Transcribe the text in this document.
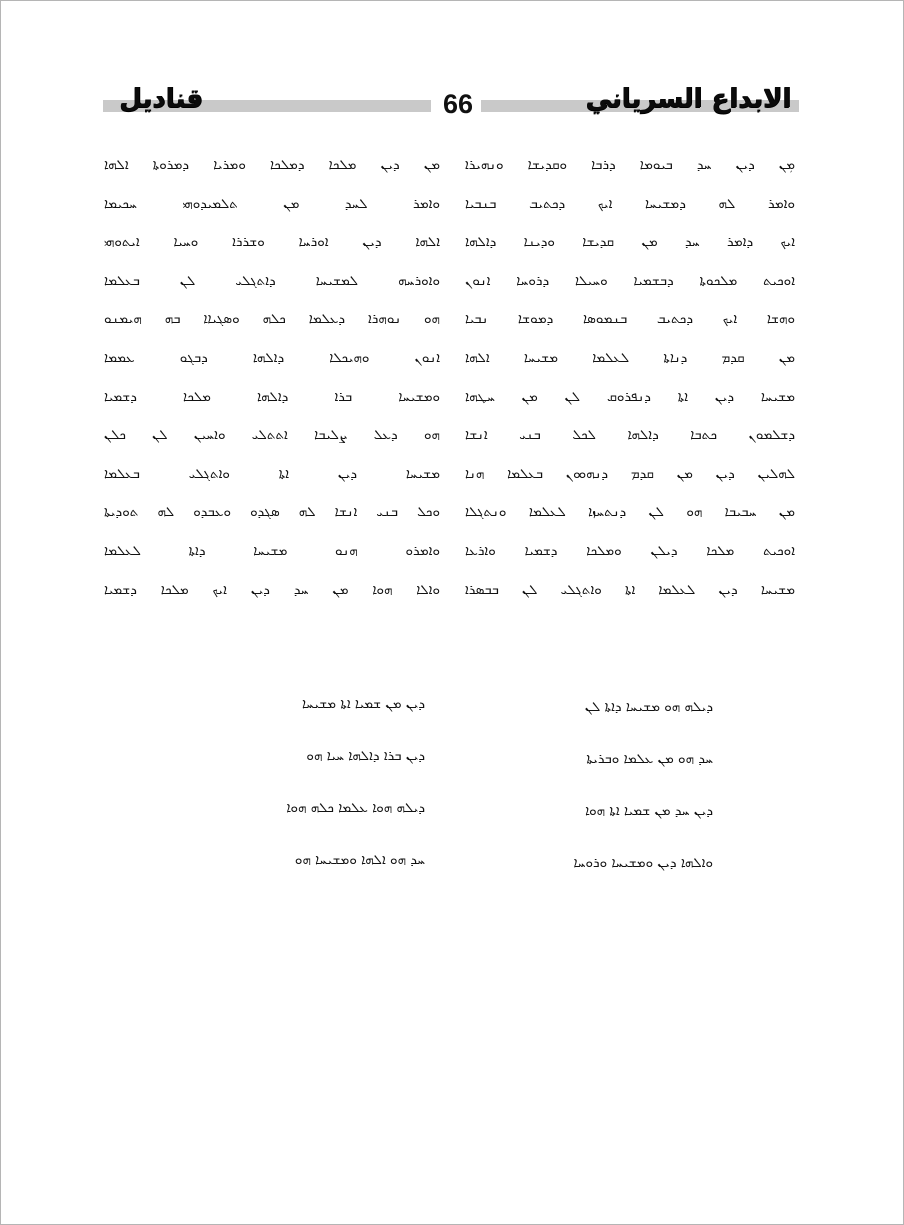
الابداع السرياني
قناديل	66
ܡܼܢ ܕܝܢ ܚܕ ܒܝܘܡܐ ܕܪܒܐ ܘܩܕܝܫܐ ܘܢܗܝܪܐ
ܘܐܡܪ ܠܗ ܕܡܫܝܚܐ ܐܝܟ ܕܟܬܝܒ ܒܢܒܝܐ
ܐܝܟ ܕܐܡܪ ܚܕ ܡܢ ܩܕܝܫܐ ܘܕܝܢܐ ܕܐܠܗܐ
ܐܘܟܝܬ ܡܠܟܘܬܐ ܕܒܫܡܝܐ ܘܚܝܠܐ ܕܪܘܚܐ ܐܢܘܢ
ܘܗܫܐ ܐܝܟ ܕܟܬܝܒ ܒܢܡܘܣܐ ܕܡܘܫܐ ܢܒܝܐ
ܡܢ ܩܕܡ ܕܢܐܬܐ ܠܥܠܡܐ ܡܫܝܚܐ ܐܠܗܐ
ܡܫܝܚܐ ܕܝܢ ܐܬܐ ܕܢܦܪܘܩ ܠܢ ܡܢ ܚܛܗܐ
ܕܫܠܡܘܢ ܟܬܒܐ ܕܐܠܗܐ ܠܟܠ ܒܢܝ ܐܢܫܐ
ܠܗܠܝܢ ܕܝܢ ܡܢ ܩܕܡ ܕܢܗܘܘܢ ܒܥܠܡܐ ܗܢܐ
ܡܢ ܚܒܝܒܐ ܗܘ ܠܢ ܕܢܬܚܙܐ ܠܥܠܡܐ ܘܢܬܓܠܐ
ܐܘܟܝܬ ܡܠܟܐ ܕܝܠܢ ܘܡܠܟܐ ܕܫܡܝܐ ܘܐܪܥܐ
ܡܫܝܚܐ ܕܝܢ ܠܥܠܡܐ ܐܬܐ ܘܐܬܓܠܝ ܠܢ ܒܒܣܪܐ
ܡܢ ܕܝܢ ܡܠܟܐ ܕܡܠܟܐ ܘܡܪܝܐ ܕܡܪܘܬܐ ܐܠܗܐ
ܘܐܡܪ ܠܚܕ ܡܢ ܬܠܡܝܕܘܗܝ ܚܟܝܡܐ
ܐܠܗܐ ܕܝܢ ܐܘܪܚܐ ܘܫܪܪܐ ܘܚܝܐ ܐܝܬܘܗܝ
ܘܐܘܪܚܗ ܠܡܫܝܚܐ ܕܐܬܓܠܝ ܠܢ ܒܥܠܡܐ
ܗܘ ܢܘܗܪܐ ܕܥܠܡܐ ܟܠܗ ܘܣܓܝܐܐ ܒܗ ܗܝܡܢܘ
ܐܢܘܢ ܘܗܝܟܠܐ ܕܐܠܗܐ ܕܒܓܘ ܥܡܡܐ
ܘܡܫܝܚܐ ܒܪܐ ܕܐܠܗܐ ܡܠܟܐ ܕܫܡܝܐ
ܗܘ ܕܥܠ ܨܠܝܒܐ ܐܬܬܠܝ ܘܐܚܝܢ ܠܢ ܟܠܢ
ܡܫܝܚܐ ܕܝܢ ܐܬܐ ܘܐܬܓܠܝ ܒܥܠܡܐ
ܘܟܠ ܒܢܝ ܐܢܫܐ ܠܗ ܣܓܕܘ ܘܥܒܕܘ ܠܗ ܬܘܕܝܬܐ
ܘܐܡܪܘ ܗܢܘ ܡܫܝܚܐ ܕܐܬܐ ܠܥܠܡܐ
ܘܐܠܐ ܗܘܐ ܡܢ ܚܕ ܕܝܢ ܐܝܟ ܡܠܟܐ ܕܫܡܝܐ
ܕܝܠܗ ܗܘ ܡܫܝܚܐ ܕܐܬܐ ܠܢ
ܚܕ ܗܘ ܡܢ ܥܠܡܐ ܘܒܪܝܬܐ
ܕܝܢ ܚܕ ܡܢ ܫܡܝܐ ܐܬܐ ܗܘܐ
ܘܐܠܗܐ ܕܝܢ ܘܡܫܝܚܐ ܘܪܘܚܐ
ܕܝܢ ܡܢ ܫܡܝܐ ܐܬܐ ܡܫܝܚܐ
ܕܝܢ ܒܪܐ ܕܐܠܗܐ ܚܝܐ ܗܘ
ܕܝܠܗ ܗܘܐ ܥܠܡܐ ܟܠܗ ܗܘܐ
ܚܕ ܗܘ ܐܠܗܐ ܘܡܫܝܚܐ ܗܘ
